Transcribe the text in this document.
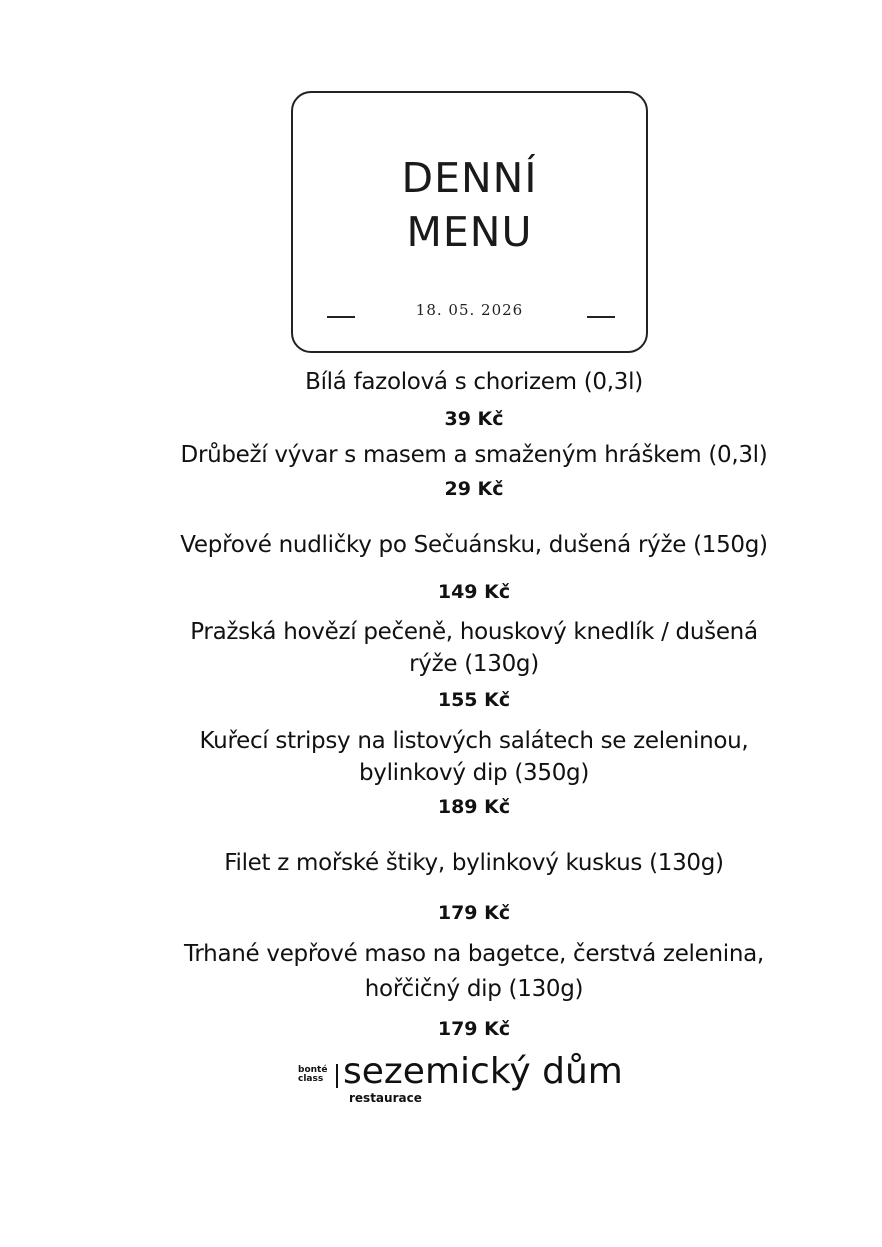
DENNÍ
MENU
18. 05. 2026
Bílá fazolová s chorizem (0,3l)
39 Kč
Drůbeží vývar s masem a smaženým hráškem (0,3l)
29 Kč
Vepřové nudličky po Sečuánsku, dušená rýže (150g)
149 Kč
Pražská hovězí pečeně, houskový knedlík / dušená
rýže (130g)
155 Kč
Kuřecí stripsy na listových salátech se zeleninou,
bylinkový dip (350g)
189 Kč
Filet z mořské štiky, bylinkový kuskus (130g)
179 Kč
Trhané vepřové maso na bagetce, čerstvá zelenina,
hořčičný dip (130g)
179 Kč
bonté
class sezemický dům
restaurace
